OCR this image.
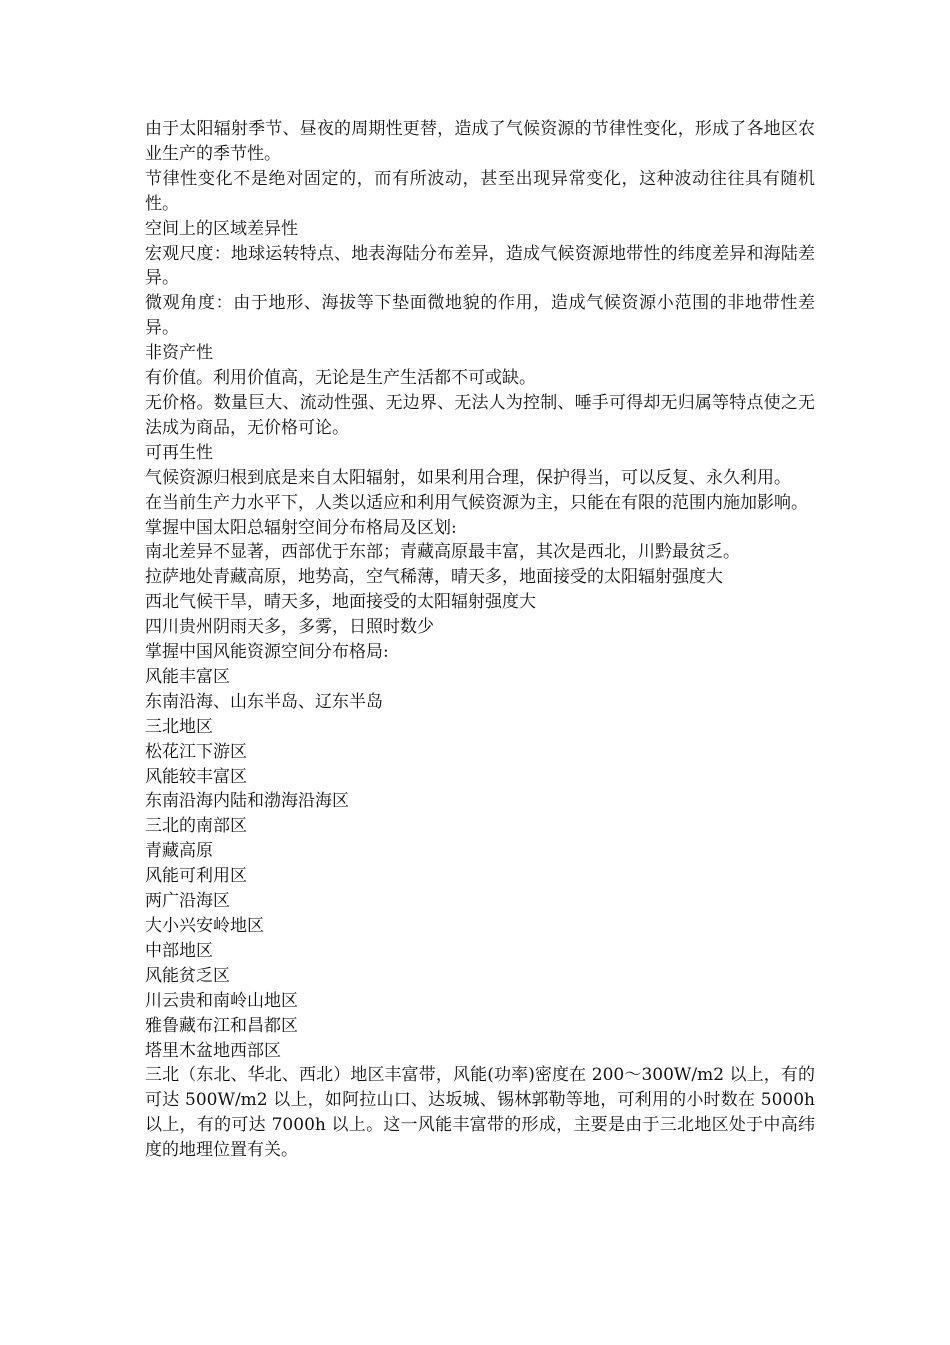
由于太阳辐射季节、昼夜的周期性更替，造成了气候资源的节律性变化，形成了各地区农业生产的季节性。

节律性变化不是绝对固定的，而有所波动，甚至出现异常变化，这种波动往往具有随机性。

空间上的区域差异性

宏观尺度：地球运转特点、地表海陆分布差异，造成气候资源地带性的纬度差异和海陆差异。

微观角度：由于地形、海拔等下垫面微地貌的作用，造成气候资源小范围的非地带性差异。

非资产性

有价值。利用价值高，无论是生产生活都不可或缺。

无价格。数量巨大、流动性强、无边界、无法人为控制、唾手可得却无归属等特点使之无法成为商品，无价格可论。

可再生性

气候资源归根到底是来自太阳辐射，如果利用合理，保护得当，可以反复、永久利用。

在当前生产力水平下，人类以适应和利用气候资源为主，只能在有限的范围内施加影响。

掌握中国太阳总辐射空间分布格局及区划:

南北差异不显著，西部优于东部；青藏高原最丰富，其次是西北，川黔最贫乏。

拉萨地处青藏高原，地势高，空气稀薄，晴天多，地面接受的太阳辐射强度大

西北气候干旱，晴天多，地面接受的太阳辐射强度大

四川贵州阴雨天多，多雾，日照时数少

掌握中国风能资源空间分布格局:

风能丰富区

东南沿海、山东半岛、辽东半岛

三北地区

松花江下游区

风能较丰富区

东南沿海内陆和渤海沿海区

三北的南部区

青藏高原

风能可利用区

两广沿海区

大小兴安岭地区

中部地区

风能贫乏区

川云贵和南岭山地区

雅鲁藏布江和昌都区

塔里木盆地西部区

三北（东北、华北、西北）地区丰富带，风能(功率)密度在 200～300W/m2 以上，有的可达 500W/m2 以上，如阿拉山口、达坂城、锡林郭勒等地，可利用的小时数在 5000h 以上，有的可达 7000h 以上。这一风能丰富带的形成，主要是由于三北地区处于中高纬度的地理位置有关。
